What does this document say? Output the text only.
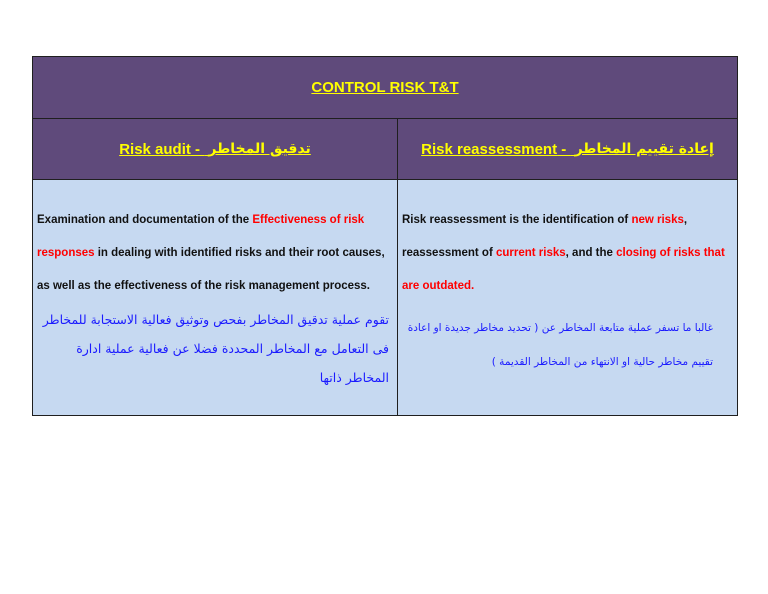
CONTROL RISK T&T
Risk audit -
تدقيق المخاطر	Risk reassessment -
إعادة تقييم المخاطر
Examination and documentation of the Effectiveness of risk responses in dealing with identified risks and their root causes, as well as the effectiveness of the risk management process.
تقوم عملية تدقيق المخاطر بفحص وتوثيق فعالية الاستجابة للمخاطر فى التعامل مع المخاطر المحددة فضلا عن فعالية عملية ادارة المخاطر ذاتها
Risk reassessment is the identification of new risks, reassessment of current risks, and the closing of risks that are outdated.
غالبا ما تسفر عملية متابعة المخاطر عن ( تحديد مخاطر جديدة او اعادة تقييم مخاطر حالية او الانتهاء من المخاطر القديمة )
